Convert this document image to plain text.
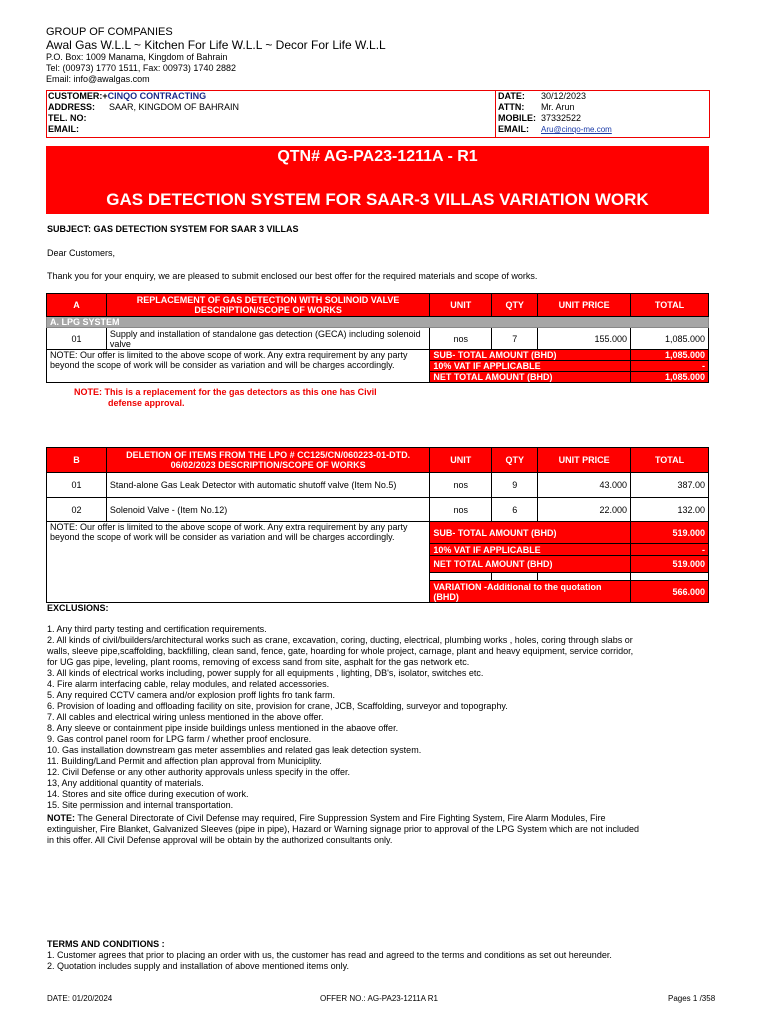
GROUP OF COMPANIES
Awal Gas W.L.L ~ Kitchen For Life W.L.L ~ Decor For Life W.L.L
P.O. Box: 1009 Manama, Kingdom of Bahrain
Tel: (00973) 1770 1511, Fax: 00973) 1740 2882
Email: info@awalgas.com
CUSTOMER:+CINQO CONTRACTING
ADDRESS: SAAR, KINGDOM OF BAHRAIN
TEL. NO:
EMAIL:
DATE: 30/12/2023
ATTN: Mr. Arun
MOBILE: 37332522
EMAIL: Aru@cinqo-me.com
QTN# AG-PA23-1211A - R1
GAS DETECTION SYSTEM FOR SAAR-3 VILLAS VARIATION WORK
SUBJECT: GAS DETECTION SYSTEM FOR SAAR 3 VILLAS
Dear Customers,
Thank you for your enquiry, we are pleased to submit enclosed our best offer for the required materials and scope of works.
A	REPLACEMENT OF GAS DETECTION WITH SOLINOID VALVE DESCRIPTION/SCOPE OF WORKS	UNIT	QTY	UNIT PRICE	TOTAL
A. LPG SYSTEM					
01	Supply and installation of standalone gas detection (GECA) including solenoid valve	nos	7	155.000	1,085.000
NOTE: Our offer is limited to the above scope of work. Any extra requirement by any party beyond the scope of work will be consider as variation and will be charges accordingly.		SUB- TOTAL AMOUNT (BHD)			1,085.000
		10% VAT IF APPLICABLE			-
		NET TOTAL AMOUNT (BHD)			1,085.000
NOTE: This is a replacement for the gas detectors as this one has Civil
defense approval.
B	DELETION OF ITEMS FROM THE LPO # CC125/CN/060223-01-DTD. 06/02/2023 DESCRIPTION/SCOPE OF WORKS	UNIT	QTY	UNIT PRICE	TOTAL
01	Stand-alone Gas Leak Detector with automatic shutoff valve (Item No.5)	nos	9	43.000	387.00
02	Solenoid Valve - (Item No.12)	nos	6	22.000	132.00
NOTE: Our offer is limited to the above scope of work. Any extra requirement by any party beyond the scope of work will be consider as variation and will be charges accordingly.		SUB- TOTAL AMOUNT (BHD)			519.000
		10% VAT IF APPLICABLE			-
		NET TOTAL AMOUNT (BHD)			519.000

		VARIATION -Additional to the quotation (BHD)			566.000
EXCLUSIONS:
1. Any third party testing and certification requirements.
2. All kinds of civil/builders/architectural works such as crane, excavation, coring, ducting, electrical, plumbing works , holes, coring through slabs or
walls, sleeve pipe,scaffolding, backfilling, clean sand, fence, gate, hoarding for whole project, carnage, plant and heavy equipment, service corridor,
for UG gas pipe, leveling, plant rooms, removing of excess sand from site, asphalt for the gas network etc.
3. All kinds of electrical works including, power supply for all equipments , lighting, DB's, isolator, switches etc.
4. Fire alarm interfacing cable, relay modules, and related accessories.
5. Any required CCTV camera and/or explosion proff lights fro tank farm.
6. Provision of loading and offloading facility on site, provision for crane, JCB, Scaffolding, surveyor and topography.
7. All cables and electrical wiring unless mentioned in the above offer.
8. Any sleeve or containment pipe inside buildings unless mentioned in the abaove offer.
9. Gas control panel room for LPG farm / whether proof enclosure.
10. Gas installation downstream gas meter assemblies and related gas leak detection system.
11. Building/Land Permit and affection plan approval from Municiplity.
12. Civil Defense or any other authority approvals unless specify in the offer.
13, Any additional quantity of materials.
14. Stores and site office during execution of work.
15. Site permission and internal transportation.
NOTE: The General Directorate of Civil Defense may required, Fire Suppression System and Fire Fighting System, Fire Alarm Modules, Fire
extinguisher, Fire Blanket, Galvanized Sleeves (pipe in pipe), Hazard or Warning signage prior to approval of the LPG System which are not included
in this offer. All Civil Defense approval will be obtain by the authorized consultants only.
TERMS AND CONDITIONS :
1. Customer agrees that prior to placing an order with us, the customer has read and agreed to the terms and conditions as set out hereunder.
2. Quotation includes supply and installation of above mentioned items only.
DATE: 01/20/2024	OFFER NO.: AG-PA23-1211A R1	Pages 1 /358
